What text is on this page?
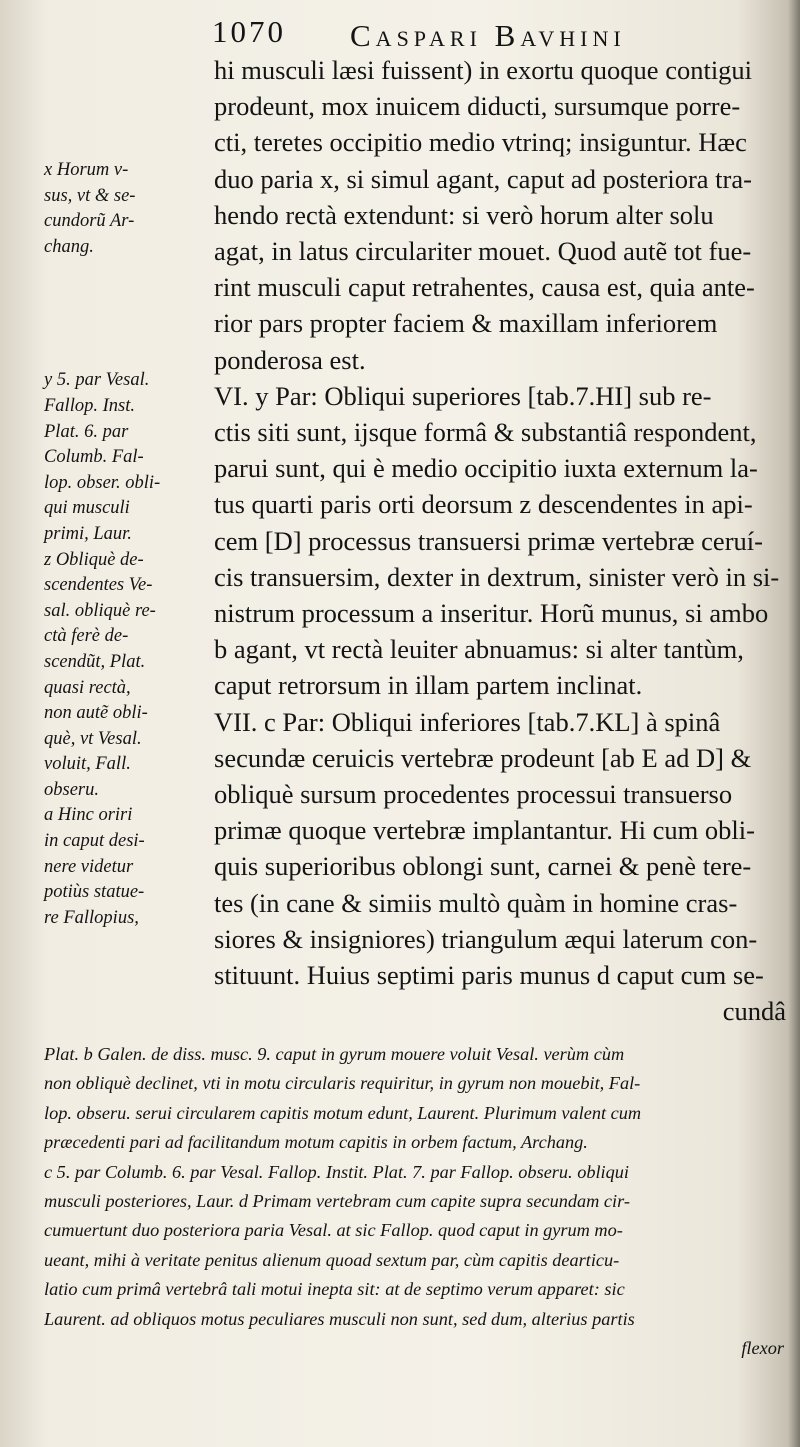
1070 Caspari Bavhini
x Horum v-
sus, vt & se-
cundorũ Ar-
chang.
y 5. par Vesal.
Fallop. Inst.
Plat. 6. par
Columb. Fal-
lop. obser. obli-
qui musculi
primi, Laur.
z Obliquè de-
scendentes Ve-
sal. obliquè re-
ctà ferè de-
scendũt, Plat.
quasi rectà,
non autẽ obli-
què, vt Vesal.
voluit, Fall.
obseru.
a Hinc oriri
in caput desi-
nere videtur
potiùs statue-
re Fallopius,
hi musculi læsi fuissent) in exortu quoque contigui
prodeunt, mox inuicem diducti, sursumque porre-
cti, teretes occipitio medio vtrinq; insiguntur. Hæc
duo paria x, si simul agant, caput ad posteriora tra-
hendo rectà extendunt: si verò horum alter solu
agat, in latus circulariter mouet. Quod autẽ tot fue-
rint musculi caput retrahentes, causa est, quia ante-
rior pars propter faciem & maxillam inferiorem
ponderosa est.
VI. y Par: Obliqui superiores [tab.7.HI] sub re-
ctis siti sunt, ijsque formâ & substantiâ respondent,
parui sunt, qui è medio occipitio iuxta externum la-
tus quarti paris orti deorsum z descendentes in api-
cem [D] processus transuersi primæ vertebræ ceruí-
cis transuersim, dexter in dextrum, sinister verò in si-
nistrum processum a inseritur. Horũ munus, si ambo
b agant, vt rectà leuiter abnuamus: si alter tantùm,
caput retrorsum in illam partem inclinat.
VII. c Par: Obliqui inferiores [tab.7.KL] à spinâ
secundæ ceruicis vertebræ prodeunt [ab E ad D] &
obliquè sursum procedentes processui transuerso
primæ quoque vertebræ implantantur. Hi cum obli-
quis superioribus oblongi sunt, carnei & penè tere-
tes (in cane & simiis multò quàm in homine cras-
siores & insigniores) triangulum æqui laterum con-
stituunt. Huius septimi paris munus d caput cum se-
cundâ
Plat. b Galen. de diss. musc. 9. caput in gyrum mouere voluit Vesal. verùm cùm
non obliquè declinet, vti in motu circularis requiritur, in gyrum non mouebit, Fal-
lop. obseru. serui circularem capitis motum edunt, Laurent. Plurimum valent cum
præcedenti pari ad facilitandum motum capitis in orbem factum, Archang.
c 5. par Columb. 6. par Vesal. Fallop. Instit. Plat. 7. par Fallop. obseru. obliqui
musculi posteriores, Laur. d Primam vertebram cum capite supra secundam cir-
cumuertunt duo posteriora paria Vesal. at sic Fallop. quod caput in gyrum mo-
ueant, mihi à veritate penitus alienum quoad sextum par, cùm capitis dearticu-
latio cum primâ vertebrâ tali motui inepta sit: at de septimo verum apparet: sic
Laurent. ad obliquos motus peculiares musculi non sunt, sed dum, alterius partis
flexor
